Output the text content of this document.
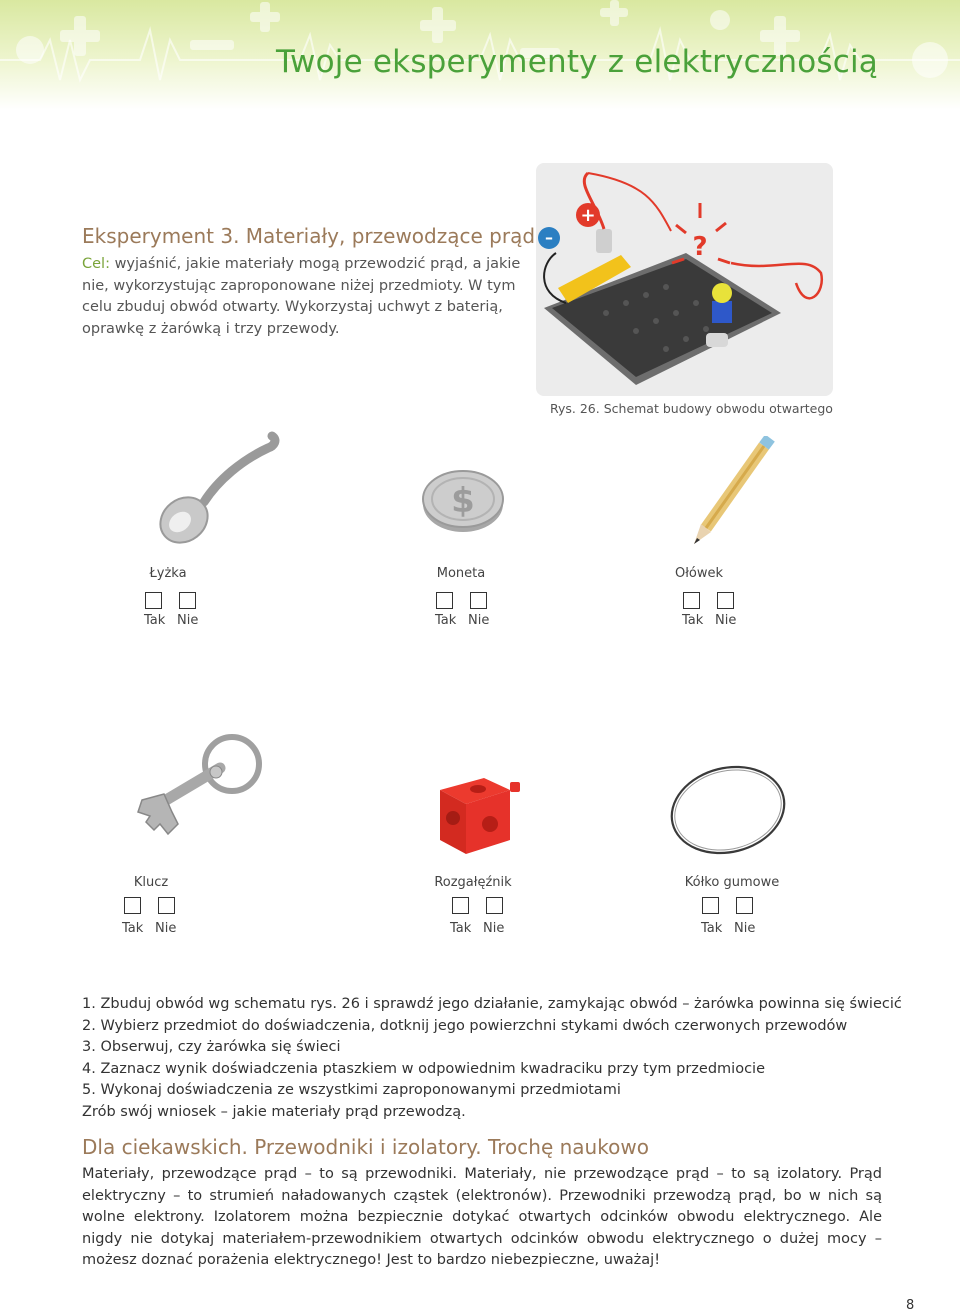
Twoje eksperymenty z elektrycznością
Eksperyment 3. Materiały, przewodzące prąd
Cel: wyjaśnić, jakie materiały mogą przewodzić prąd, a jakie nie, wykorzystując zaproponowane niżej przedmioty. W tym celu zbuduj obwód otwarty. Wykorzystaj uchwyt z baterią, oprawkę z żarówką i trzy przewody.
–
+
?
Rys. 26. Schemat budowy obwodu otwartego
Łyżka
Tak Nie
$
Moneta
Tak Nie
Ołówek
Tak Nie
Klucz
Tak Nie
Rozgałęźnik
Tak Nie
Kółko gumowe
Tak Nie
1. Zbuduj obwód wg schematu rys. 26 i sprawdź jego działanie, zamykając obwód – żarówka powinna się świecić
2. Wybierz przedmiot do doświadczenia, dotknij jego powierzchni stykami dwóch czerwonych przewodów
3. Obserwuj, czy żarówka się świeci
4. Zaznacz wynik doświadczenia ptaszkiem w odpowiednim kwadraciku przy tym przedmiocie
5. Wykonaj doświadczenia ze wszystkimi zaproponowanymi przedmiotami
Zrób swój wniosek – jakie materiały prąd przewodzą.
Dla ciekawskich. Przewodniki i izolatory. Trochę naukowo
Materiały, przewodzące prąd – to są przewodniki. Materiały, nie przewodzące prąd – to są izolatory. Prąd elektryczny – to strumień naładowanych cząstek (elektronów). Przewodniki przewodzą prąd, bo w nich są wolne elektrony. Izolatorem można bezpiecznie dotykać otwartych odcinków obwodu elektrycznego. Ale nigdy nie dotykaj materiałem-przewodnikiem otwartych odcinków obwodu elektrycznego o dużej mocy – możesz doznać porażenia elektrycznego! Jest to bardzo niebezpieczne, uważaj!
8
